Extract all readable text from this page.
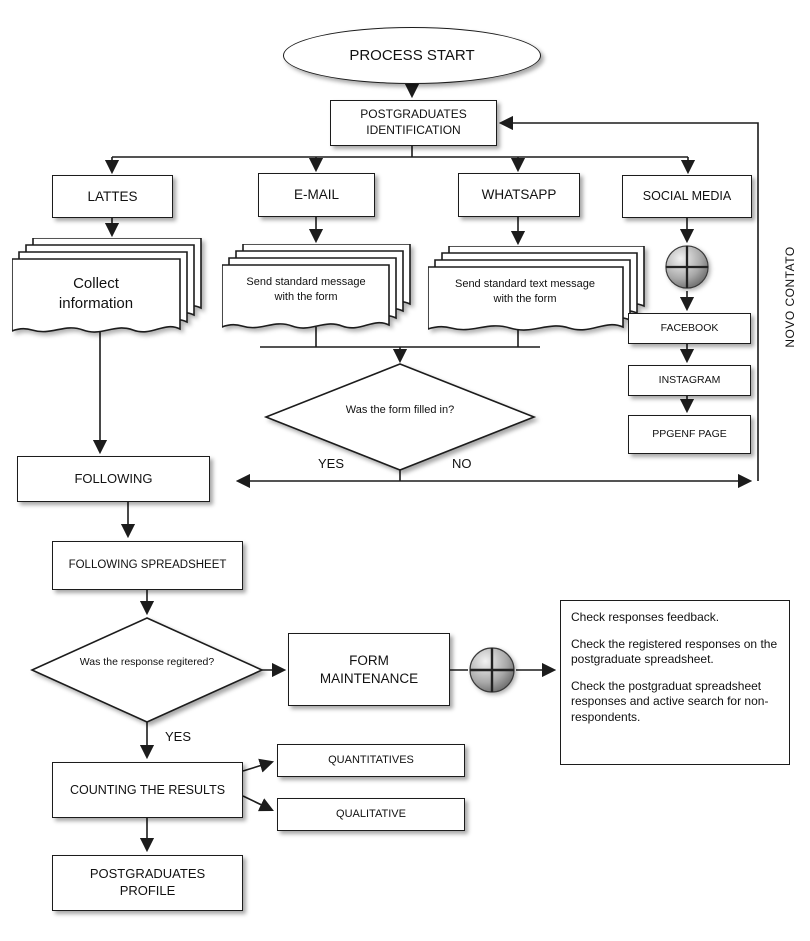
PROCESS START
POSTGRADUATES IDENTIFICATION
LATTES	E-MAIL	WHATSAPP	SOCIAL MEDIA
Collect information
Send standard message with the form
Send standard text message with the form
FACEBOOK
INSTAGRAM
PPGENF PAGE
NOVO CONTATO
Was the form filled in?
YES	NO
FOLLOWING
FOLLOWING SPREADSHEET
Was the response regitered?
YES
FORM MAINTENANCE

Check responses feedback.

Check the registered responses on the postgraduate spreadsheet.

Check the postgraduat spreadsheet responses and active search for non-respondents.

COUNTING THE RESULTS
QUANTITATIVES
QUALITATIVE
POSTGRADUATES PROFILE
